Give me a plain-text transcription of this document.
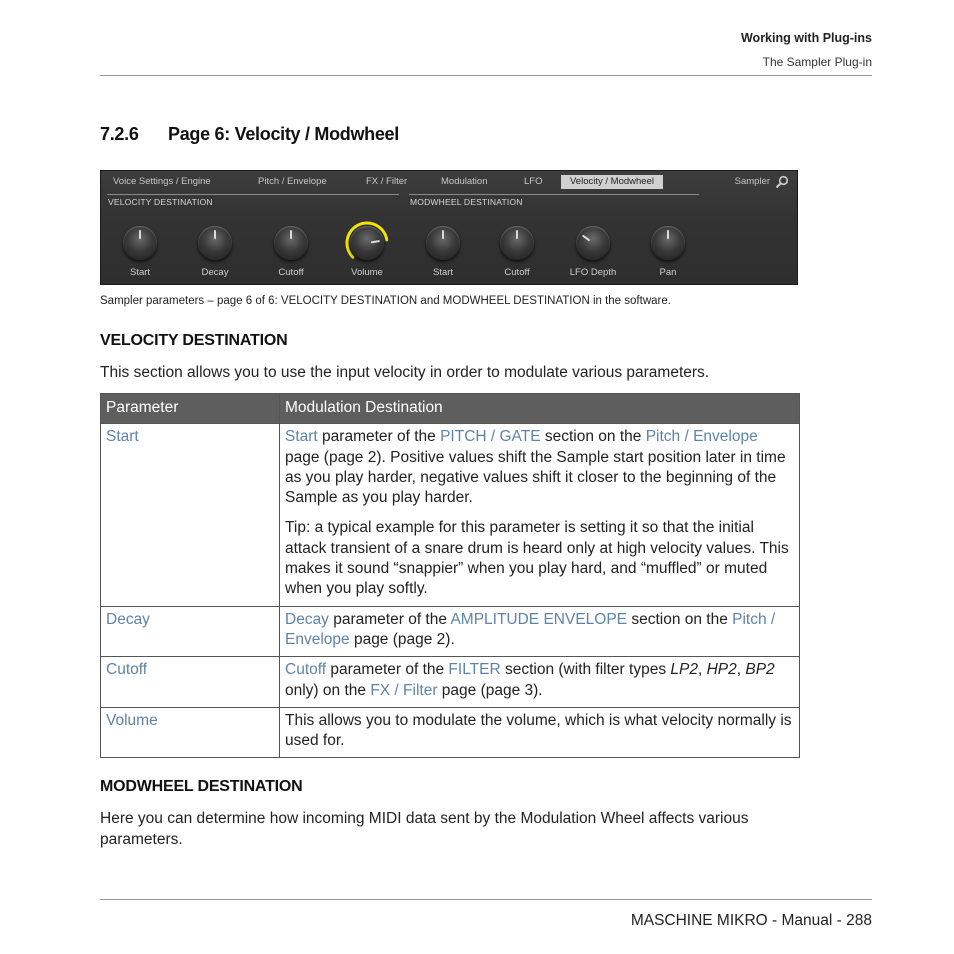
Working with Plug-ins
The Sampler Plug-in
7.2.6 Page 6: Velocity / Modwheel
Voice Settings / Engine	Pitch / Envelope	FX / Filter	Modulation	LFO	Velocity / Modwheel	Sampler
VELOCITY DESTINATION	MODWHEEL DESTINATION
Start	Decay	Cutoff	Volume	Start	Cutoff	LFO Depth	Pan
Sampler parameters – page 6 of 6: VELOCITY DESTINATION and MODWHEEL DESTINATION in the software.
VELOCITY DESTINATION
This section allows you to use the input velocity in order to modulate various parameters.
Parameter	Modulation Destination
Start	Start parameter of the PITCH / GATE section on the Pitch / Envelope page (page 2). Positive values shift the Sample start position later in time as you play harder, negative values shift it closer to the beginning of the Sample as you play harder.
Tip: a typical example for this parameter is setting it so that the initial attack transient of a snare drum is heard only at high velocity values. This makes it sound “snappier” when you play hard, and “muffled” or muted when you play softly.

Decay	Decay parameter of the AMPLITUDE ENVELOPE section on the Pitch / Envelope page (page 2).
Cutoff	Cutoff parameter of the FILTER section (with filter types LP2, HP2, BP2 only) on the FX / Filter page (page 3).
Volume	This allows you to modulate the volume, which is what velocity normally is used for.
MODWHEEL DESTINATION
Here you can determine how incoming MIDI data sent by the Modulation Wheel affects various parameters.
MASCHINE MIKRO - Manual - 288
